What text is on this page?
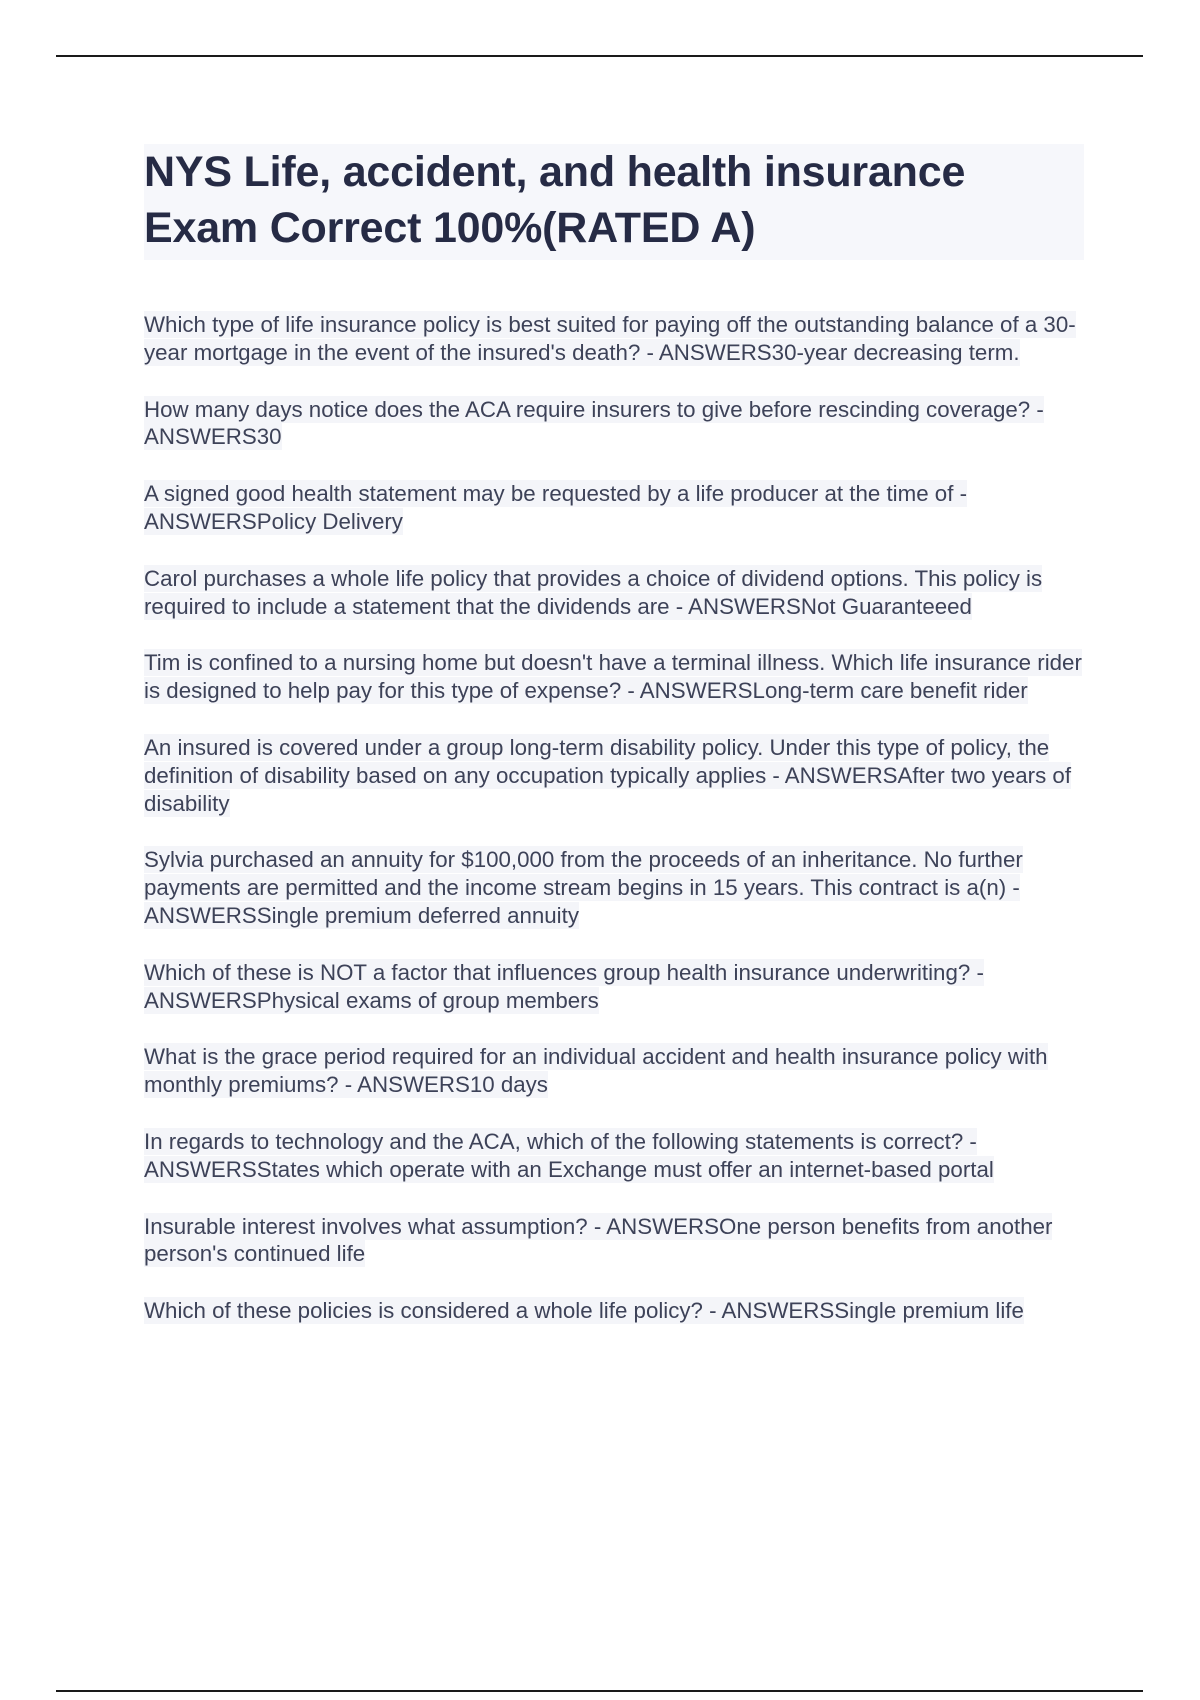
NYS Life, accident, and health insurance Exam Correct 100%(RATED A)

Which type of life insurance policy is best suited for paying off the outstanding balance of a 30-year mortgage in the event of the insured's death? - ANSWERS30-year decreasing term.

How many days notice does the ACA require insurers to give before rescinding coverage? - ANSWERS30

A signed good health statement may be requested by a life producer at the time of - ANSWERSPolicy Delivery

Carol purchases a whole life policy that provides a choice of dividend options. This policy is required to include a statement that the dividends are - ANSWERSNot Guaranteeed

Tim is confined to a nursing home but doesn't have a terminal illness. Which life insurance rider is designed to help pay for this type of expense? - ANSWERSLong-term care benefit rider

An insured is covered under a group long-term disability policy. Under this type of policy, the definition of disability based on any occupation typically applies - ANSWERSAfter two years of disability

Sylvia purchased an annuity for $100,000 from the proceeds of an inheritance. No further payments are permitted and the income stream begins in 15 years. This contract is a(n) - ANSWERSSingle premium deferred annuity

Which of these is NOT a factor that influences group health insurance underwriting? - ANSWERSPhysical exams of group members

What is the grace period required for an individual accident and health insurance policy with monthly premiums? - ANSWERS10 days

In regards to technology and the ACA, which of the following statements is correct? - ANSWERSStates which operate with an Exchange must offer an internet-based portal

Insurable interest involves what assumption? - ANSWERSOne person benefits from another person's continued life

Which of these policies is considered a whole life policy? - ANSWERSSingle premium life
